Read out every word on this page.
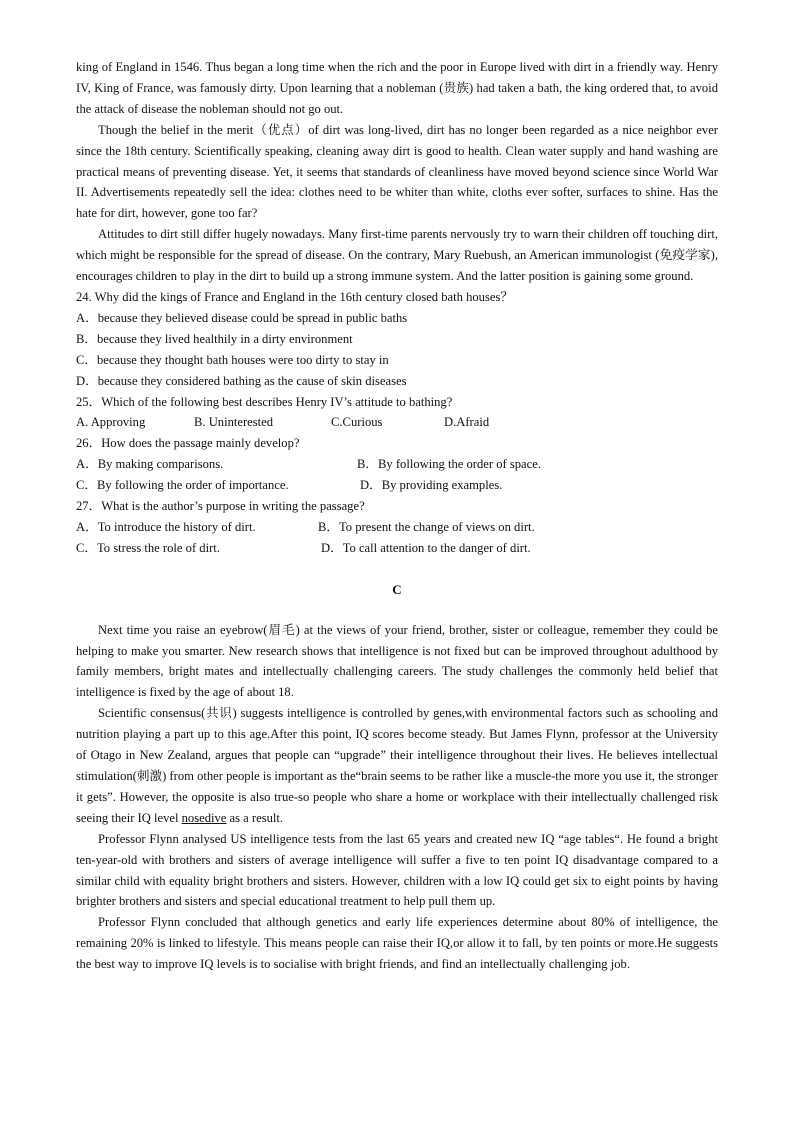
king of England in 1546. Thus began a long time when the rich and the poor in Europe lived with dirt in a friendly way. Henry IV, King of France, was famously dirty. Upon learning that a nobleman (贵族) had taken a bath, the king ordered that, to avoid the attack of disease the nobleman should not go out.

Though the belief in the merit（优点）of dirt was long-lived, dirt has no longer been regarded as a nice neighbor ever since the 18th century. Scientifically speaking, cleaning away dirt is good to health. Clean water supply and hand washing are practical means of preventing disease. Yet, it seems that standards of cleanliness have moved beyond science since World War II. Advertisements repeatedly sell the idea: clothes need to be whiter than white, cloths ever softer, surfaces to shine. Has the hate for dirt, however, gone too far?

Attitudes to dirt still differ hugely nowadays. Many first-time parents nervously try to warn their children off touching dirt, which might be responsible for the spread of disease. On the contrary, Mary Ruebush, an American immunologist (免疫学家), encourages children to play in the dirt to build up a strong immune system. And the latter position is gaining some ground.

24. Why did the kings of France and England in the 16th century closed bath houses？
A．because they believed disease could be spread in public baths
B．because they lived healthily in a dirty environment
C．because they thought bath houses were too dirty to stay in
D．because they considered bathing as the cause of skin diseases
25．Which of the following best describes Henry IV’s attitude to bathing?
A. Approving	B. Uninterested	C.Curious	D.Afraid
26．How does the passage mainly develop?
A．By making comparisons.	B．By following the order of space.
C．By following the order of importance.	D．By providing examples.
27．What is the author’s purpose in writing the passage?
A．To introduce the history of dirt.	B．To present the change of views on dirt.
C．To stress the role of dirt.	D．To call attention to the danger of dirt.
C

Next time you raise an eyebrow(眉毛) at the views of your friend, brother, sister or colleague, remember they could be helping to make you smarter. New research shows that intelligence is not fixed but can be improved throughout adulthood by family members, bright mates and intellectually challenging careers. The study challenges the commonly held belief that intelligence is fixed by the age of about 18.

Scientific consensus(共识) suggests intelligence is controlled by genes,with environmental factors such as schooling and nutrition playing a part up to this age.After this point, IQ scores become steady. But James Flynn, professor at the University of Otago in New Zealand, argues that people can “upgrade” their intelligence throughout their lives. He believes intellectual stimulation(刺激) from other people is important as the“brain seems to be rather like a muscle-the more you use it, the stronger it gets”. However, the opposite is also true-so people who share a home or workplace with their intellectually challenged risk seeing their IQ level nosedive as a result.

Professor Flynn analysed US intelligence tests from the last 65 years and created new IQ “age tables“. He found a bright ten-year-old with brothers and sisters of average intelligence will suffer a five to ten point IQ disadvantage compared to a similar child with equality bright brothers and sisters. However, children with a low IQ could get six to eight points by having brighter brothers and sisters and special educational treatment to help pull them up.

Professor Flynn concluded that although genetics and early life experiences determine about 80% of intelligence, the remaining 20% is linked to lifestyle. This means people can raise their IQ,or allow it to fall, by ten points or more.He suggests the best way to improve IQ levels is to socialise with bright friends, and find an intellectually challenging job.
